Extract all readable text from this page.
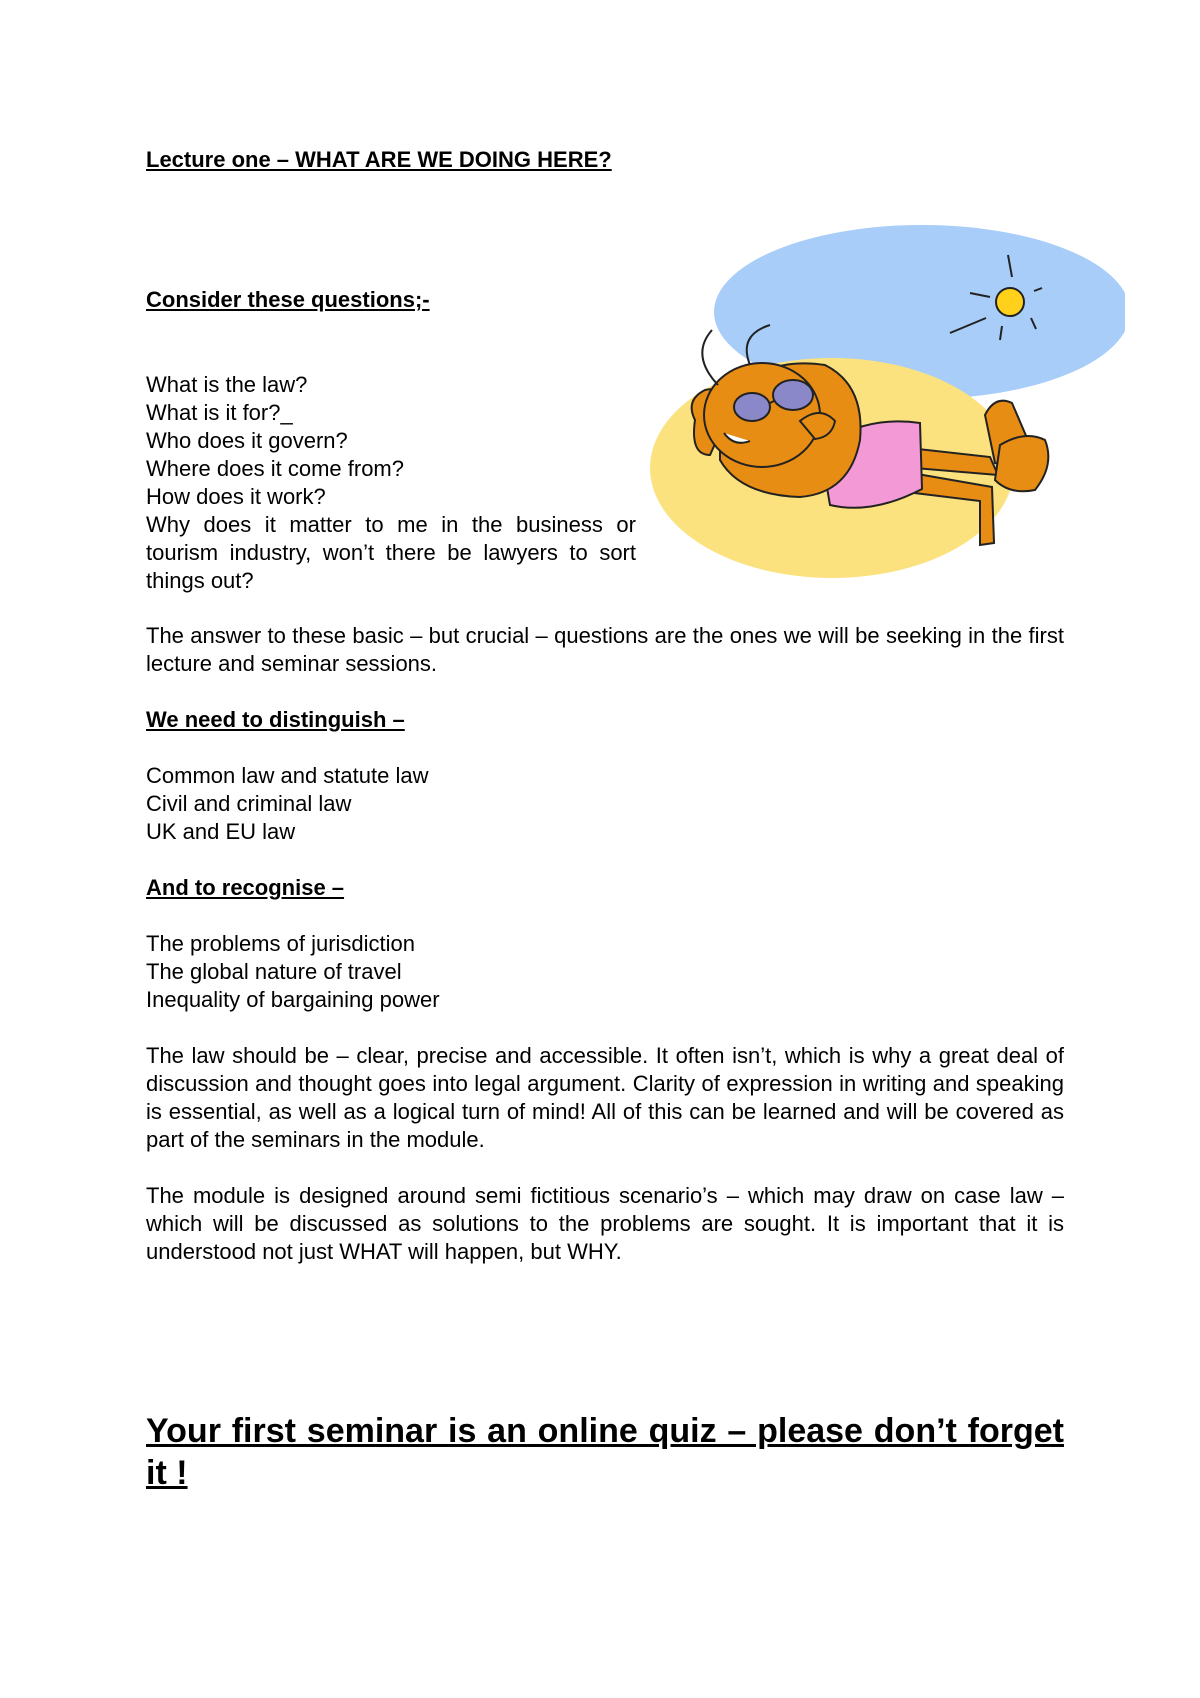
Lecture one – WHAT ARE WE DOING HERE?

Consider these questions;-

What is the law?
What is it for?_
Who does it govern?
Where does it come from?
How does it work?

Why does it matter to me in the business or tourism industry, won’t there be lawyers to sort things out?

The answer to these basic – but crucial – questions are the ones we will be seeking in the first lecture and seminar sessions.

We need to distinguish –

Common law and statute law
Civil and criminal law
UK and EU law

And to recognise –

The problems of jurisdiction
The global nature of travel
Inequality of bargaining power

The law should be – clear, precise and accessible. It often isn’t, which is why a great deal of discussion and thought goes into legal argument. Clarity of expression in writing and speaking is essential, as well as a logical turn of mind! All of this can be learned and will be covered as part of the seminars in the module.

The module is designed around semi fictitious scenario’s – which may draw on case law – which will be discussed as solutions to the problems are sought. It is important that it is understood not just WHAT will happen, but WHY.

Your first seminar is an online quiz – please don’t forget it !
